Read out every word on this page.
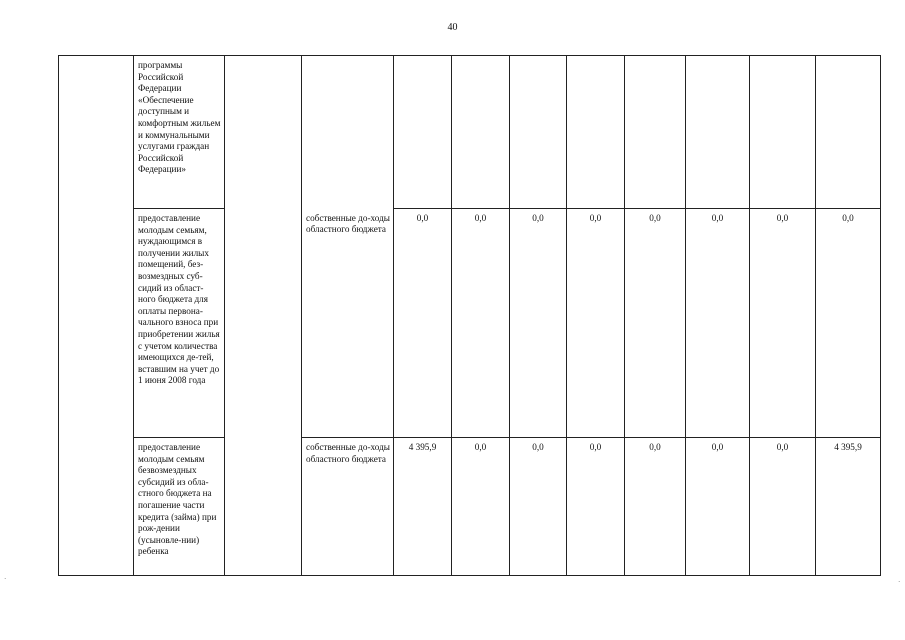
40
	программы Российской Федерации «Обеспечение доступным и комфортным жильем и коммунальными услугами граждан Российской Федерации»										
	предоставление молодым семьям, нуждающимся в получении жилых помещений, без-возмездных суб-сидий из област-ного бюджета для оплаты первона-чального взноса при приобретении жилья с учетом количества имеющихся де-тей, вставшим на учет до 1 июня 2008 года		собственные до-ходы областного бюджета	0,0	0,0	0,0	0,0	0,0	0,0	0,0	0,0
	предоставление молодым семьям безвозмездных субсидий из обла-стного бюджета на погашение части кредита (займа) при рож-дении (усыновле-нии) ребенка		собственные до-ходы областного бюджета	4 395,9	0,0	0,0	0,0	0,0	0,0	0,0	4 395,9
·	·
